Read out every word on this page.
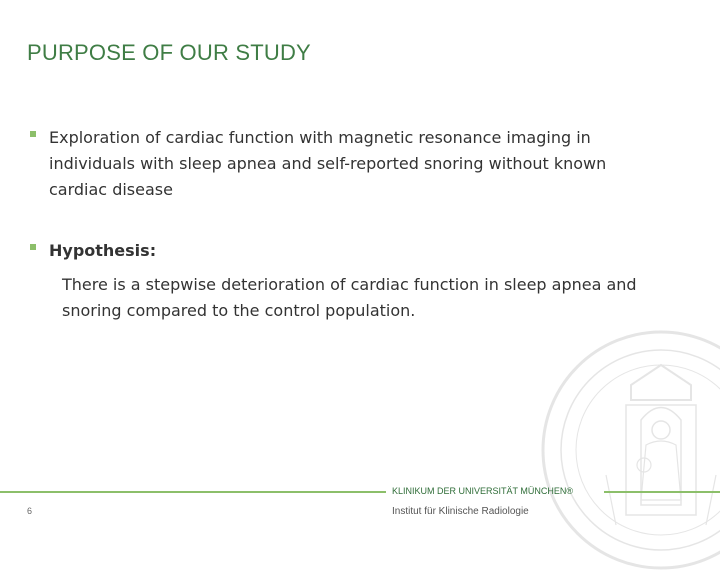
PURPOSE OF OUR STUDY
Exploration of cardiac function with magnetic resonance imaging in individuals with sleep apnea and self-reported snoring without known cardiac disease
Hypothesis:
There is a stepwise deterioration of cardiac function in sleep apnea and snoring compared to the control population.
KLINIKUM DER UNIVERSITÄT MÜNCHEN®
Institut für Klinische Radiologie
6
